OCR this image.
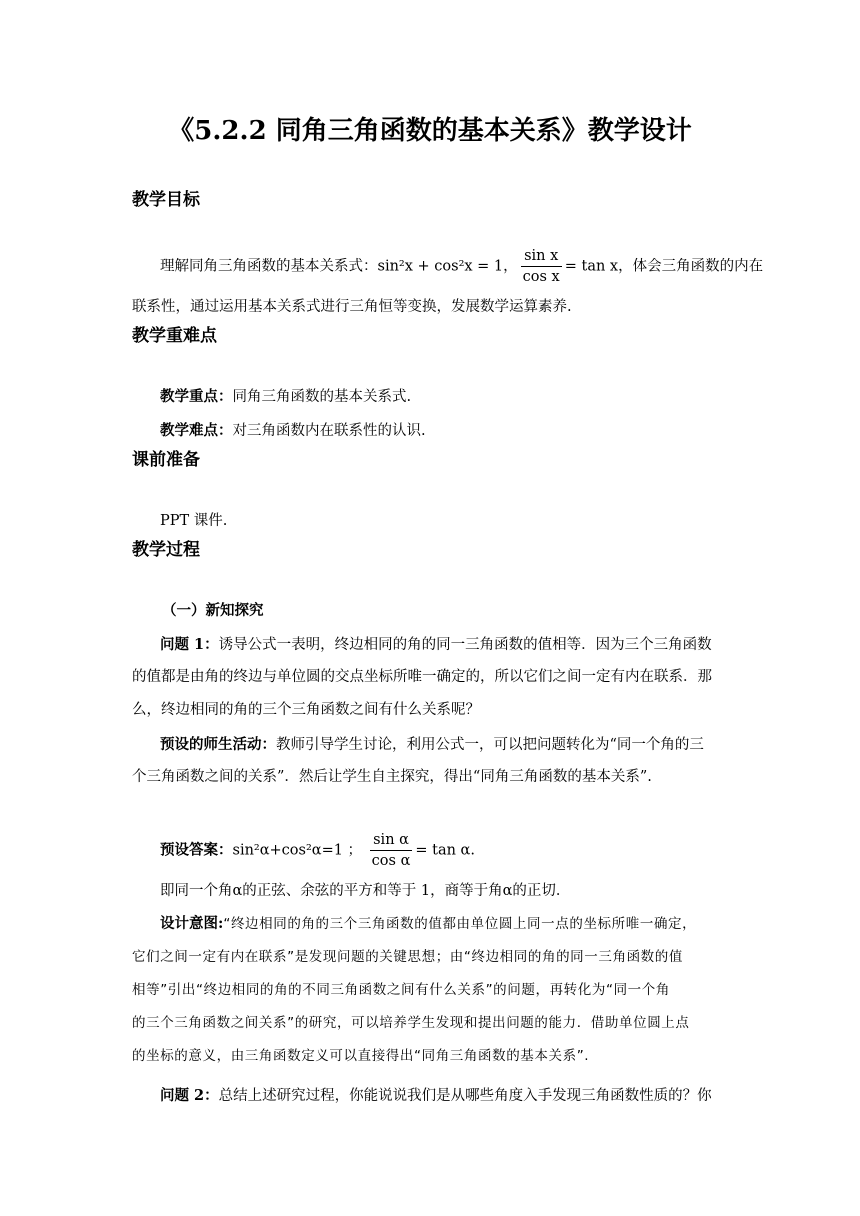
《5.2.2 同角三角函数的基本关系》教学设计
教学目标
理解同角三角函数的基本关系式：sin²x + cos²x = 1， $\frac{\text{sin x}}{\text{cos x}} = \tan x$，体会三角函数的内在
联系性，通过运用基本关系式进行三角恒等变换，发展数学运算素养.
教学重难点
教学重点：同角三角函数的基本关系式.
教学难点：对三角函数内在联系性的认识.
课前准备
PPT 课件.
教学过程
（一）新知探究
问题 1：诱导公式一表明，终边相同的角的同一三角函数的值相等．因为三个三角函数
的值都是由角的终边与单位圆的交点坐标所唯一确定的，所以它们之间一定有内在联系．那
么，终边相同的角的三个三角函数之间有什么关系呢？
预设的师生活动：教师引导学生讨论，利用公式一，可以把问题转化为“同一个角的三
个三角函数之间的关系”．然后让学生自主探究，得出“同角三角函数的基本关系”.
预设答案：sin²α+cos²α=1 ； $\frac{\text{sin α}}{\text{cos α}} = \tan \alpha$.
即同一个角α的正弦、余弦的平方和等于 1，商等于角α的正切．
设计意图:“终边相同的角的三个三角函数的值都由单位圆上同一点的坐标所唯一确定，
它们之间一定有内在联系”是发现问题的关键思想；由“终边相同的角的同一三角函数的值
相等”引出“终边相同的角的不同三角函数之间有什么关系”的问题，再转化为“同一个角
的三个三角函数之间关系”的研究，可以培养学生发现和提出问题的能力．借助单位圆上点
的坐标的意义，由三角函数定义可以直接得出“同角三角函数的基本关系”.
问题 2：总结上述研究过程，你能说说我们是从哪些角度入手发现三角函数性质的？你
